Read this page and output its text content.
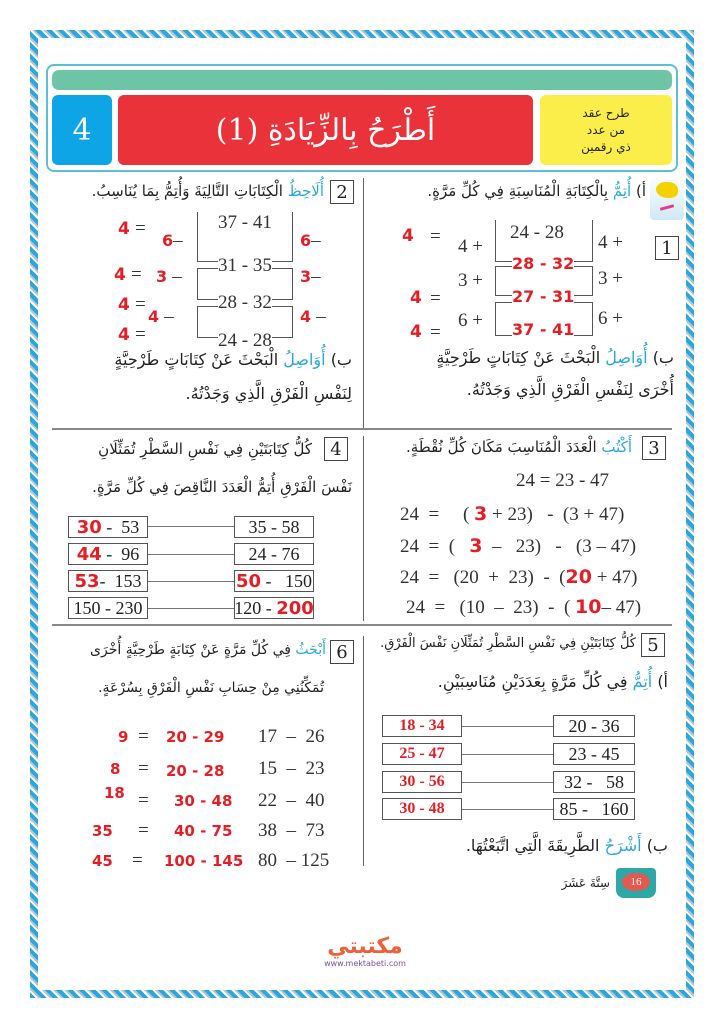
4	أَطْرَحُ بِالزِّيَادَةِ (1)	طرح عقد
من عدد
ذي رقمين
أ) أُتِمُّ بِالْكِتَابَةِ الْمُنَاسِبَةِ فِي كُلِّ مَرَّةٍ.
1
24 - 28
28 - 32
27 - 31
37 - 41
4 +
3 +
6 +
4 +
3 +
6 +
=
=
=
4
4
4
ب) أُوَاصِلُ الْبَحْثَ عَنْ كِتَابَاتٍ طَرْحِيَّةٍ
أُخْرَى لِنَفْسِ الْفَرْقِ الَّذِي وَجَدْتُهُ.
2
أُلَاحِظُ الْكِتَابَاتِ التَّالِيَةَ وَأُتِمُّ بِمَا يُنَاسِبُ.
37 - 41
31 - 35
28 - 32
24 - 28
6–
3–
4 –
6–
3 –
4 –
4 =
4 =
4 =
4 =
ب) أُوَاصِلُ الْبَحْثَ عَنْ كِتَابَاتٍ طَرْحِيَّةٍ
لِنَفْسِ الْفَرْقِ الَّذِي وَجَدْتُهُ.
3
أَكْتُبُ الْعَدَدَ الْمُنَاسِبَ مَكَانَ كُلِّ نُقْطَةٍ.
24 = 23 - 47
24  = ( 3 + 23)   -  (3 + 47)
24  =  ( 3 –   23)   -   (3 – 47)
24  =   (20  +  23)  -  (20 + 47)
24  =   (10  –  23)  -  ( 10– 47)
4
كُلُّ كِتَابَتَيْنِ فِي نَفْسِ السَّطْرِ تُمَثِّلَانِ
نَفْسَ الْفَرْقِ أُتِمُّ الْعَدَدَ النَّاقِصَ فِي كُلِّ مَرَّةٍ.
30 -  53
44 -  96
53 -  153
150 - 230
35 - 58
24 - 76
50 -   150
120 - 200
5
كُلُّ كِتَابَتَيْنِ فِي نَفْسِ السَّطْرِ تُمَثِّلَانِ نَفْسَ الْفَرْقِ.
أ) أُتِمُّ فِي كُلِّ مَرَّةٍ بِعَدَدَيْنِ مُنَاسِبَيْنِ.
18 - 34
25 - 47
30 - 56
30 - 48
20 - 36
23 - 45
32 -   58
85 -   160
ب) أَشْرَحُ الطَّرِيقَةَ الَّتِي اتَّبَعْتُهَا.
6
أَبْحَثُ فِي كُلِّ مَرَّةٍ عَنْ كِتَابَةٍ طَرْحِيَّةٍ أُخْرَى
تُمَكِّنُنِي مِنْ حِسَابِ نَفْسِ الْفَرْقِ بِسُرْعَةٍ.
17  –  26
15  –  23
22  –  40
38  –  73
80  – 125
20 - 29
20 - 28
30 - 48
40 - 75
100 - 145
=
=
=
=
=
9
8
18
35
45
16
سِتَّةَ عَشَرَ
مكتبتي
www.mektabeti.com
